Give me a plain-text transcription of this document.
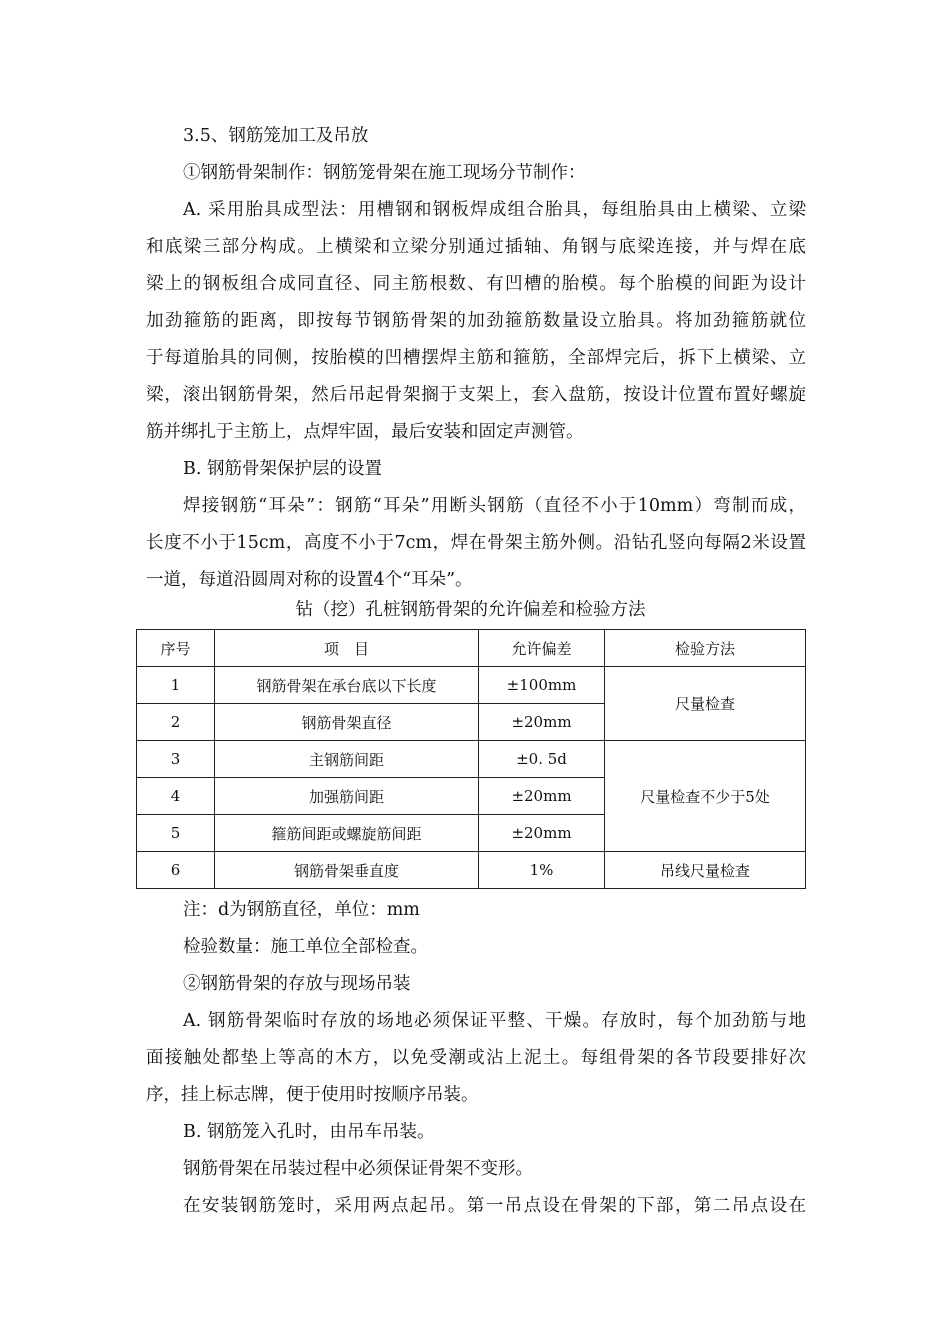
3.5、钢筋笼加工及吊放
①钢筋骨架制作：钢筋笼骨架在施工现场分节制作：
A. 采用胎具成型法：用槽钢和钢板焊成组合胎具，每组胎具由上横梁、立梁
和底梁三部分构成。上横梁和立梁分别通过插轴、角钢与底梁连接，并与焊在底
梁上的钢板组合成同直径、同主筋根数、有凹槽的胎模。每个胎模的间距为设计
加劲箍筋的距离，即按每节钢筋骨架的加劲箍筋数量设立胎具。将加劲箍筋就位
于每道胎具的同侧，按胎模的凹槽摆焊主筋和箍筋，全部焊完后，拆下上横梁、立
梁，滚出钢筋骨架，然后吊起骨架搁于支架上，套入盘筋，按设计位置布置好螺旋
筋并绑扎于主筋上，点焊牢固，最后安装和固定声测管。
B. 钢筋骨架保护层的设置
焊接钢筋“耳朵”：钢筋“耳朵”用断头钢筋（直径不小于10mm）弯制而成，
长度不小于15cm，高度不小于7cm，焊在骨架主筋外侧。沿钻孔竖向每隔2米设置
一道，每道沿圆周对称的设置4个“耳朵”。
钻（挖）孔桩钢筋骨架的允许偏差和检验方法
序号	项　目	允许偏差	检验方法
1	钢筋骨架在承台底以下长度	±100mm	尺量检查
2	钢筋骨架直径	±20mm	
3	主钢筋间距	±0. 5d	尺量检查不少于5处
4	加强筋间距	±20mm	
5	箍筋间距或螺旋筋间距	±20mm	
6	钢筋骨架垂直度	1%	吊线尺量检查
注：d为钢筋直径，单位：mm
检验数量：施工单位全部检查。
②钢筋骨架的存放与现场吊装
A. 钢筋骨架临时存放的场地必须保证平整、干燥。存放时，每个加劲筋与地
面接触处都垫上等高的木方，以免受潮或沾上泥土。每组骨架的各节段要排好次
序，挂上标志牌，便于使用时按顺序吊装。
B. 钢筋笼入孔时，由吊车吊装。
钢筋骨架在吊装过程中必须保证骨架不变形。
在安装钢筋笼时，采用两点起吊。第一吊点设在骨架的下部，第二吊点设在
